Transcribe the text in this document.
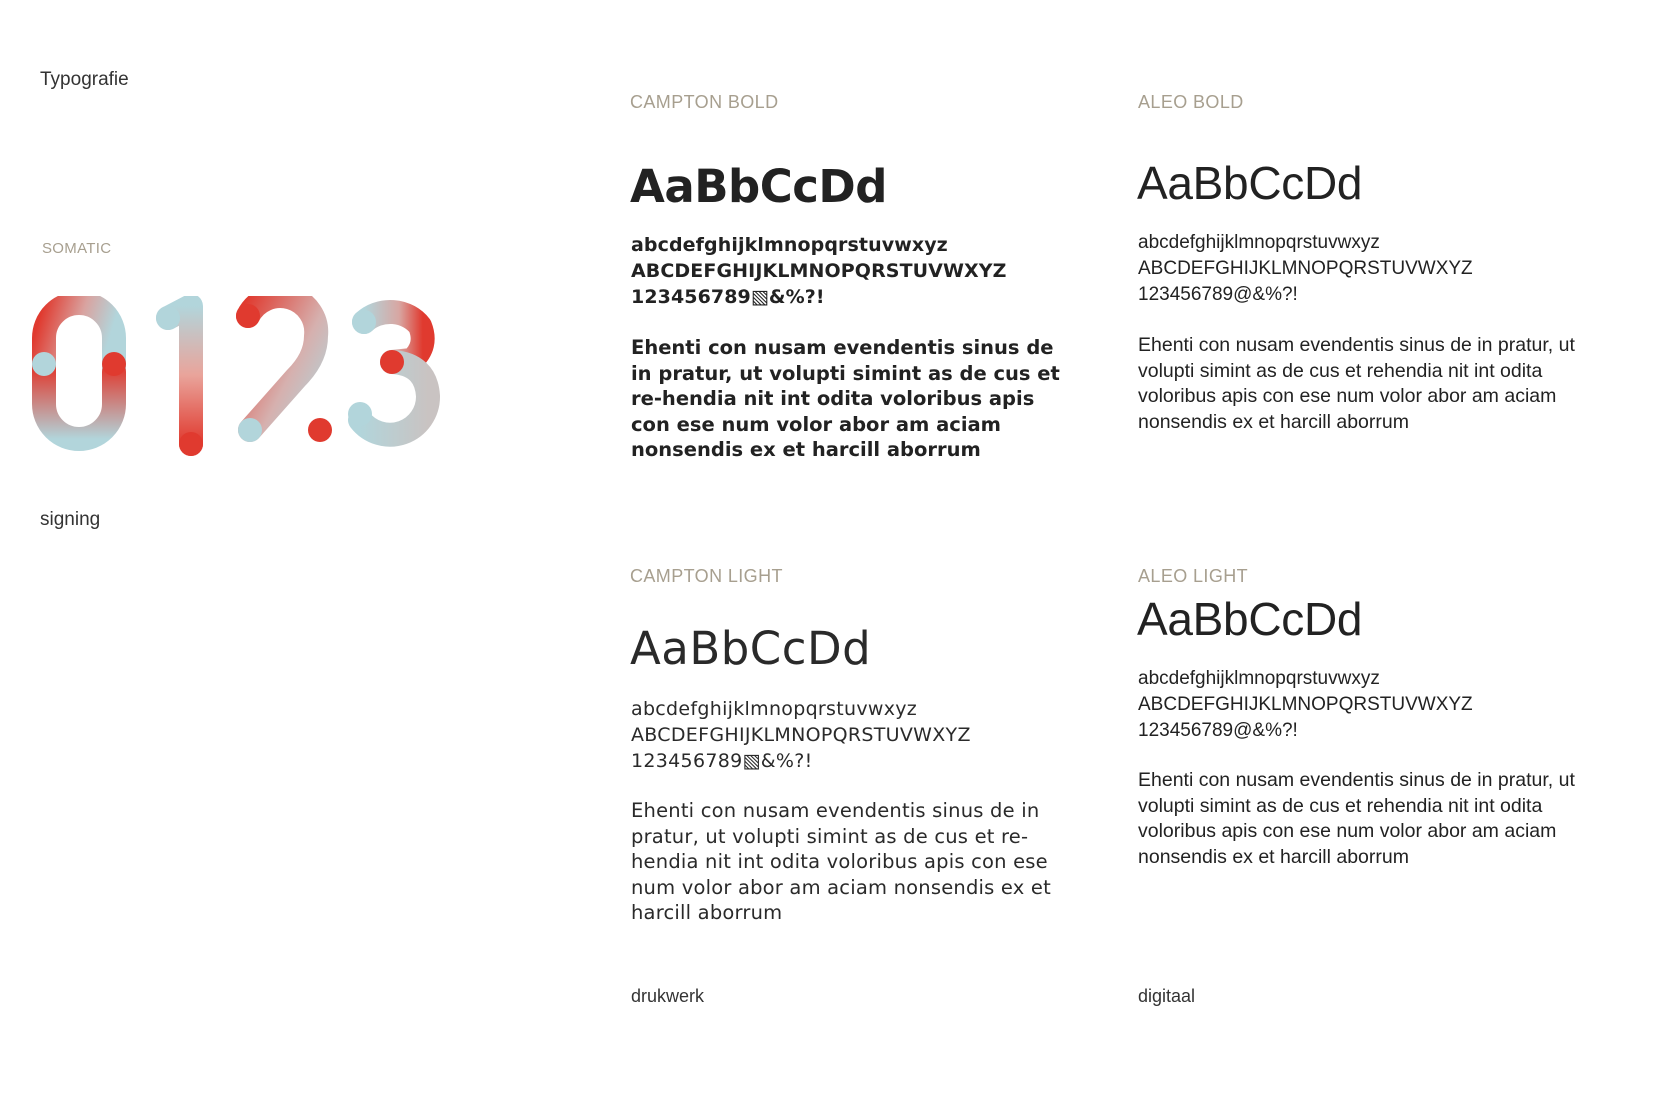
Typografie
SOMATIC
signing
CAMPTON BOLD
AaBbCcDd
abcdefghijklmnopqrstuvwxyz
ABCDEFGHIJKLMNOPQRSTUVWXYZ
123456789▧&%?!
Ehenti con nusam evendentis sinus de in pratur, ut volupti simint as de cus et re-hendia nit int odita voloribus apis con ese num volor abor am aciam nonsendis ex et harcill aborrum
ALEO BOLD
AaBbCcDd
abcdefghijklmnopqrstuvwxyz
ABCDEFGHIJKLMNOPQRSTUVWXYZ
123456789@&%?!
Ehenti con nusam evendentis sinus de in pratur, ut volupti simint as de cus et rehendia nit int odita voloribus apis con ese num volor abor am aciam nonsendis ex et harcill aborrum
CAMPTON LIGHT
AaBbCcDd
abcdefghijklmnopqrstuvwxyz
ABCDEFGHIJKLMNOPQRSTUVWXYZ
123456789▧&%?!
Ehenti con nusam evendentis sinus de in pratur, ut volupti simint as de cus et re-hendia nit int odita voloribus apis con ese num volor abor am aciam nonsendis ex et harcill aborrum
ALEO LIGHT
AaBbCcDd
abcdefghijklmnopqrstuvwxyz
ABCDEFGHIJKLMNOPQRSTUVWXYZ
123456789@&%?!
Ehenti con nusam evendentis sinus de in pratur, ut volupti simint as de cus et rehendia nit int odita voloribus apis con ese num volor abor am aciam nonsendis ex et harcill aborrum
drukwerk	digitaal
